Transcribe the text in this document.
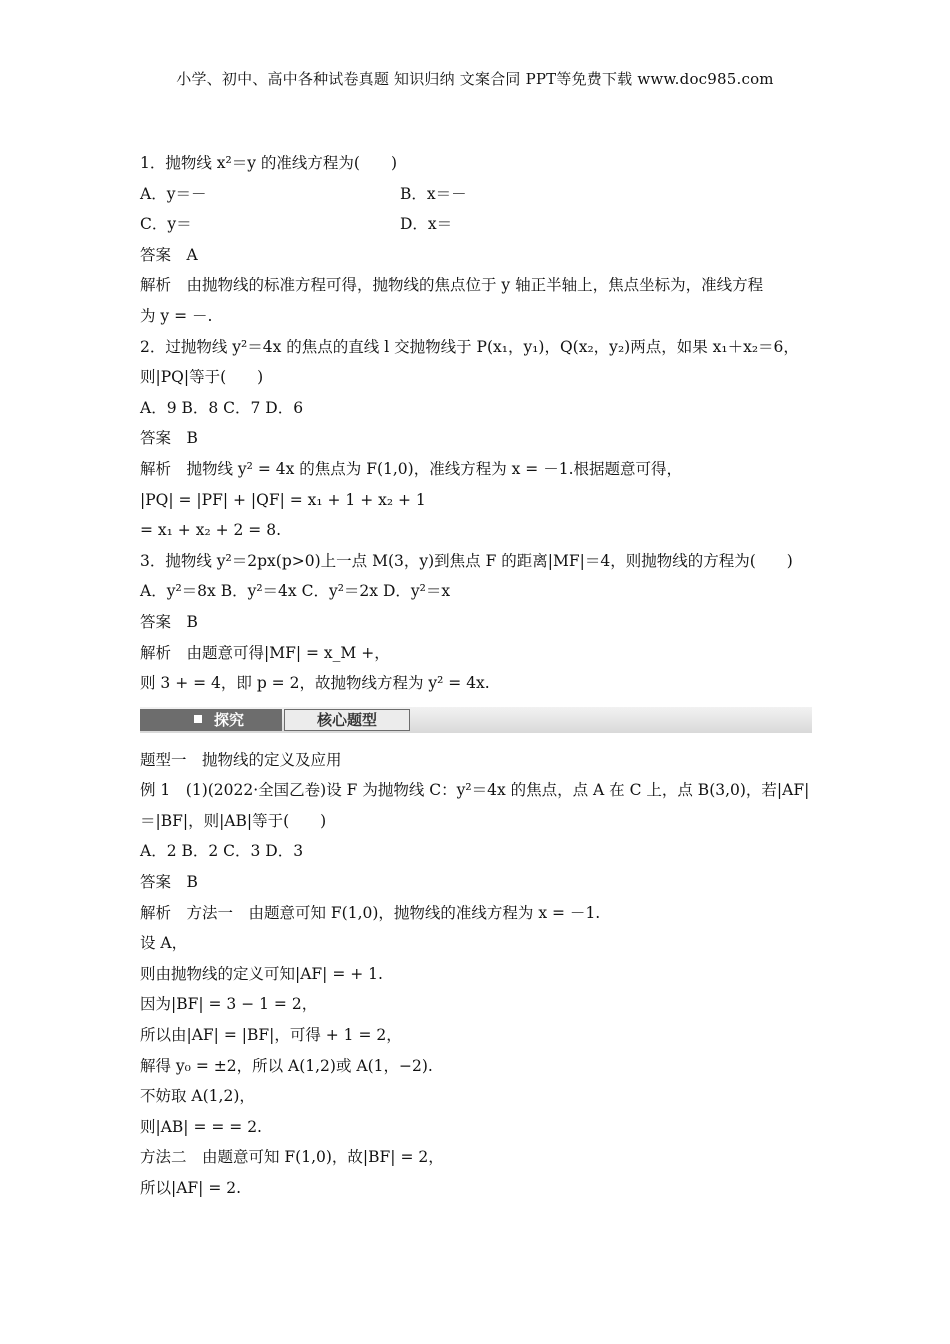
小学、初中、高中各种试卷真题 知识归纳 文案合同 PPT等免费下载 www.doc985.com
1．抛物线 x²＝y 的准线方程为(　　)
A．y＝－	B．x＝－
C．y＝	D．x＝
答案　A
解析　由抛物线的标准方程可得，抛物线的焦点位于 y 轴正半轴上，焦点坐标为，准线方程
为 y = －.
2．过抛物线 y²＝4x 的焦点的直线 l 交抛物线于 P(x₁，y₁)，Q(x₂，y₂)两点，如果 x₁＋x₂＝6，
则|PQ|等于(　　)
A．9 B．8 C．7 D．6
答案　B
解析　抛物线 y² = 4x 的焦点为 F(1,0)，准线方程为 x = －1.根据题意可得，
|PQ| = |PF| + |QF| = x₁ + 1 + x₂ + 1
= x₁ + x₂ + 2 = 8.
3．抛物线 y²＝2px(p>0)上一点 M(3，y)到焦点 F 的距离|MF|＝4，则抛物线的方程为(　　)
A．y²＝8x B．y²＝4x C．y²＝2x D．y²＝x
答案　B
解析　由题意可得|MF| = x_M +，
则 3 + = 4，即 p = 2，故抛物线方程为 y² = 4x.
探究	核心题型
题型一　抛物线的定义及应用
例 1　(1)(2022·全国乙卷)设 F 为抛物线 C：y²＝4x 的焦点，点 A 在 C 上，点 B(3,0)，若|AF|
＝|BF|，则|AB|等于(　　)
A．2 B．2 C．3 D．3
答案　B
解析　方法一　由题意可知 F(1,0)，抛物线的准线方程为 x = －1.
设 A，
则由抛物线的定义可知|AF| = + 1.
因为|BF| = 3 − 1 = 2，
所以由|AF| = |BF|，可得 + 1 = 2，
解得 y₀ = ±2，所以 A(1,2)或 A(1，−2).
不妨取 A(1,2)，
则|AB| = = = 2.
方法二　由题意可知 F(1,0)，故|BF| = 2，
所以|AF| = 2.
